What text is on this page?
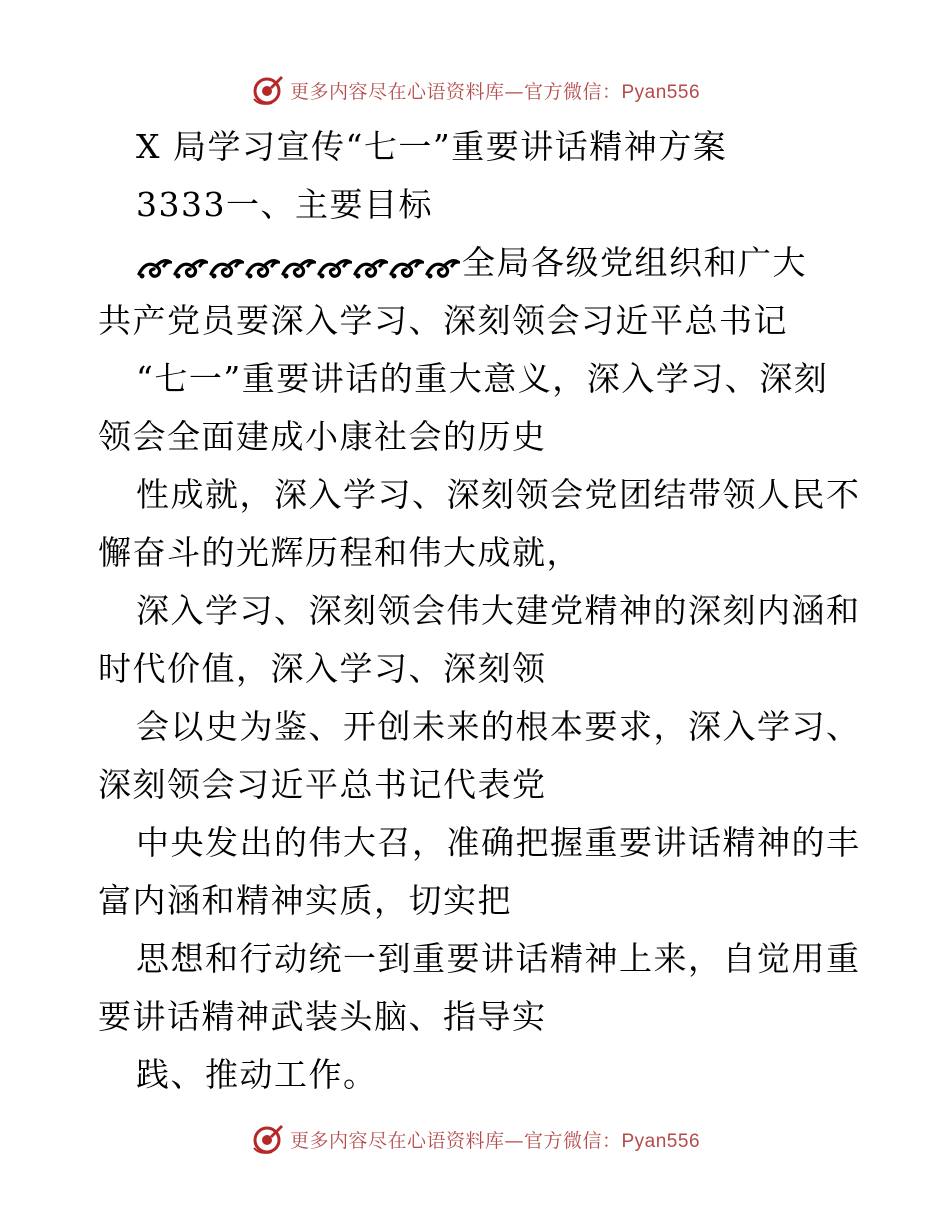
更多内容尽在心语资料库—官方微信：Pyan556
X 局学习宣传“七一”重要讲话精神方案
3333一、主要目标
全局各级党组织和广大
共产党员要深入学习、深刻领会习近平总书记
“七一”重要讲话的重大意义，深入学习、深刻
领会全面建成小康社会的历史
性成就，深入学习、深刻领会党团结带领人民不
懈奋斗的光辉历程和伟大成就，
深入学习、深刻领会伟大建党精神的深刻内涵和
时代价值，深入学习、深刻领
会以史为鉴、开创未来的根本要求，深入学习、
深刻领会习近平总书记代表党
中央发出的伟大召，准确把握重要讲话精神的丰
富内涵和精神实质，切实把
思想和行动统一到重要讲话精神上来，自觉用重
要讲话精神武装头脑、指导实
践、推动工作。
更多内容尽在心语资料库—官方微信：Pyan556
